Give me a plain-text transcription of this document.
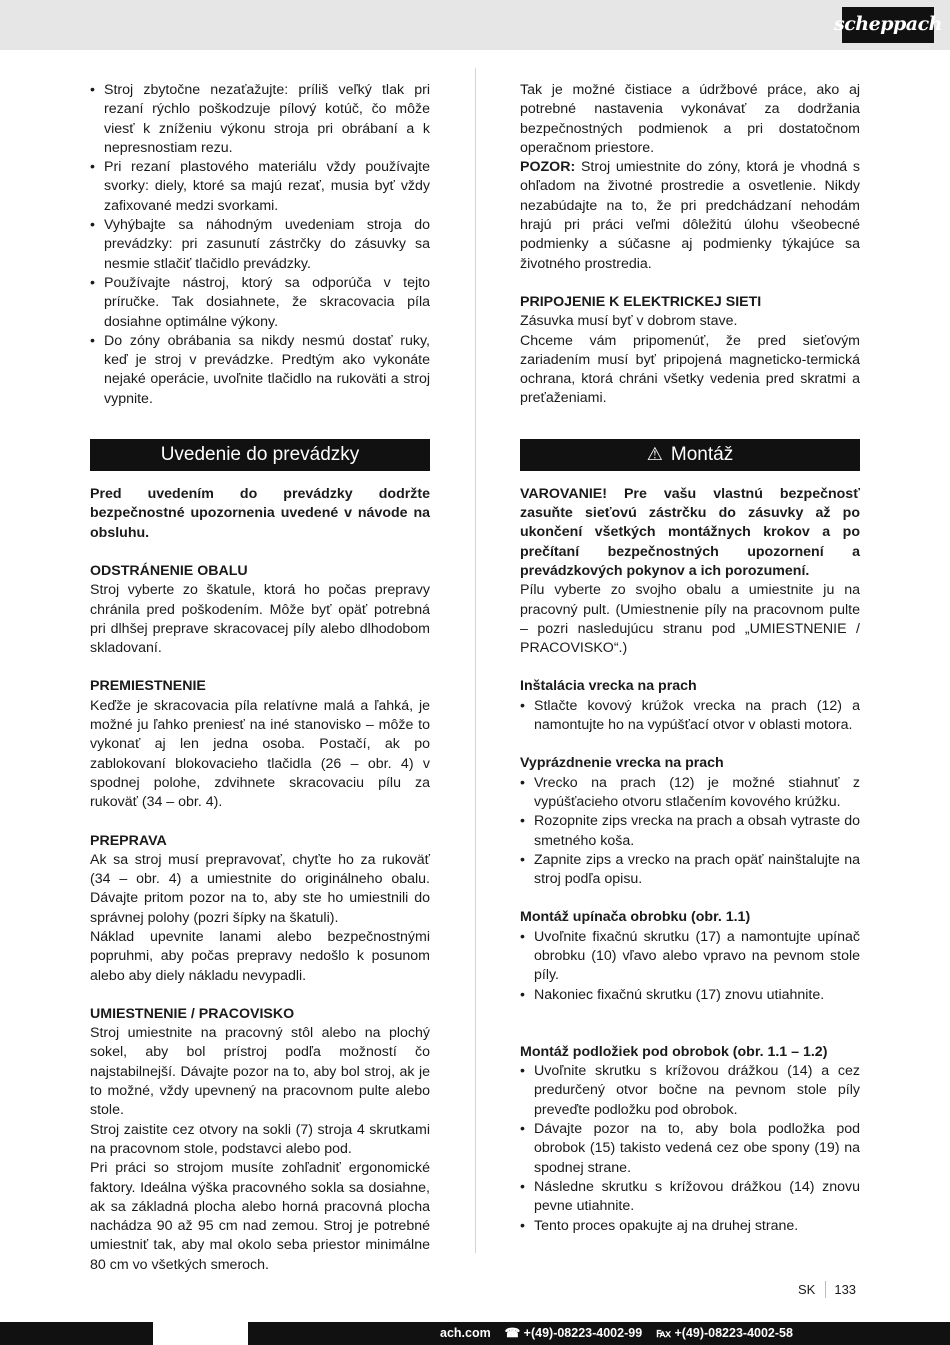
scheppach
• Stroj zbytočne nezaťažujte: príliš veľký tlak pri rezaní rýchlo poškodzuje pílový kotúč, čo môže viesť k zníženiu výkonu stroja pri obrábaní a k nepresnostiam rezu.
• Pri rezaní plastového materiálu vždy používajte svorky: diely, ktoré sa majú rezať, musia byť vždy zafixované medzi svorkami.
• Vyhýbajte sa náhodným uvedeniam stroja do prevádzky: pri zasunutí zástrčky do zásuvky sa nesmie stlačiť tlačidlo prevádzky.
• Používajte nástroj, ktorý sa odporúča v tejto príručke. Tak dosiahnete, že skracovacia píla dosiahne optimálne výkony.
• Do zóny obrábania sa nikdy nesmú dostať ruky, keď je stroj v prevádzke. Predtým ako vykonáte nejaké operácie, uvoľnite tlačidlo na rukoväti a stroj vypnite.
Uvedenie do prevádzky

Pred uvedením do prevádzky dodržte bezpečnostné upozornenia uvedené v návode na obsluhu.

ODSTRÁNENIE OBALU

Stroj vyberte zo škatule, ktorá ho počas prepravy chránila pred poškodením. Môže byť opäť potrebná pri dlhšej preprave skracovacej píly alebo dlhodobom skladovaní.

PREMIESTNENIE

Keďže je skracovacia píla relatívne malá a ľahká, je možné ju ľahko preniesť na iné stanovisko – môže to vykonať aj len jedna osoba. Postačí, ak po zablokovaní blokovacieho tlačidla (26 – obr. 4) v spodnej polohe, zdvihnete skracovaciu pílu za rukoväť (34 – obr. 4).

PREPRAVA

Ak sa stroj musí prepravovať, chyťte ho za rukoväť (34 – obr. 4) a umiestnite do originálneho obalu. Dávajte pritom pozor na to, aby ste ho umiestnili do správnej polohy (pozri šípky na škatuli).

Náklad upevnite lanami alebo bezpečnostnými popruhmi, aby počas prepravy nedošlo k posunom alebo aby diely nákladu nevypadli.

UMIESTNENIE / PRACOVISKO

Stroj umiestnite na pracovný stôl alebo na plochý sokel, aby bol prístroj podľa možností čo najstabilnejší. Dávajte pozor na to, aby bol stroj, ak je to možné, vždy upevnený na pracovnom pulte alebo stole.

Stroj zaistite cez otvory na sokli (7) stroja 4 skrutkami na pracovnom stole, podstavci alebo pod.

Pri práci so strojom musíte zohľadniť ergonomické faktory. Ideálna výška pracovného sokla sa dosiahne, ak sa základná plocha alebo horná pracovná plocha nachádza 90 až 95 cm nad zemou. Stroj je potrebné umiestniť tak, aby mal okolo seba priestor minimálne 80 cm vo všetkých smeroch.

Tak je možné čistiace a údržbové práce, ako aj potrebné nastavenia vykonávať za dodržania bezpečnostných podmienok a pri dostatočnom operačnom priestore.

POZOR: Stroj umiestnite do zóny, ktorá je vhodná s ohľadom na životné prostredie a osvetlenie. Nikdy nezabúdajte na to, že pri predchádzaní nehodám hrajú pri práci veľmi dôležitú úlohu všeobecné podmienky a súčasne aj podmienky týkajúce sa životného prostredia.

PRIPOJENIE K ELEKTRICKEJ SIETI

Zásuvka musí byť v dobrom stave.

Chceme vám pripomenúť, že pred sieťovým zariadením musí byť pripojená magneticko-termická ochrana, ktorá chráni všetky vedenia pred skratmi a preťaženiami.

⚠ Montáž

VAROVANIE! Pre vašu vlastnú bezpečnosť zasuňte sieťovú zástrčku do zásuvky až po ukončení všetkých montážnych krokov a po prečítaní bezpečnostných upozornení a prevádzkových pokynov a ich porozumení.

Pílu vyberte zo svojho obalu a umiestnite ju na pracovný pult. (Umiestnenie píly na pracovnom pulte – pozri nasledujúcu stranu pod „UMIESTNENIE / PRACOVISKO“.)

Inštalácia vrecka na prach

• Stlačte kovový krúžok vrecka na prach (12) a namontujte ho na vypúšťací otvor v oblasti motora.

Vyprázdnenie vrecka na prach

• Vrecko na prach (12) je možné stiahnuť z vypúšťacieho otvoru stlačením kovového krúžku.
• Rozopnite zips vrecka na prach a obsah vytraste do smetného koša.
• Zapnite zips a vrecko na prach opäť nainštalujte na stroj podľa opisu.

Montáž upínača obrobku (obr. 1.1)

• Uvoľnite fixačnú skrutku (17) a namontujte upínač obrobku (10) vľavo alebo vpravo na pevnom stole píly.
• Nakoniec fixačnú skrutku (17) znovu utiahnite.

Montáž podložiek pod obrobok (obr. 1.1 – 1.2)

• Uvoľnite skrutku s krížovou drážkou (14) a cez predurčený otvor bočne na pevnom stole píly preveďte podložku pod obrobok.
• Dávajte pozor na to, aby bola podložka pod obrobok (15) takisto vedená cez obe spony (19) na spodnej strane.
• Následne skrutku s krížovou drážkou (14) znovu pevne utiahnite.
• Tento proces opakujte aj na druhej strane.
SK 133
ach.com ☎ +(49)-08223-4002-99 ℻ +(49)-08223-4002-58
